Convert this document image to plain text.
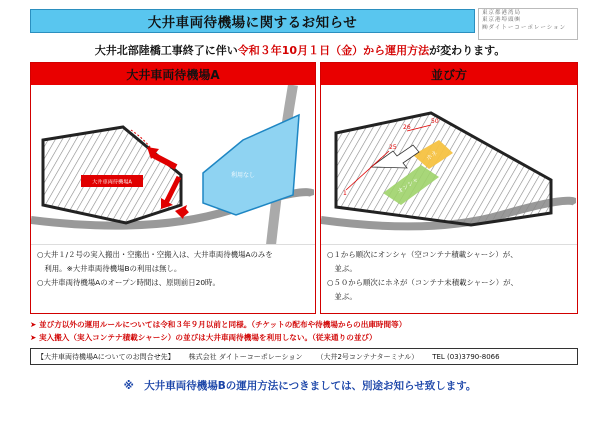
大井車両待機場に関するお知らせ
東京都港湾局
東京港埠頭㈱
㈱ダイトーコーポレーション
大井北部陸橋工事終了に伴い令和３年10月１日（金）から運用方法が変わります。
大井車両待機場A
利用なし
大井車両待機場A
○大井１/２号の実入搬出・空搬出・空搬入は、大井車両待機場Aのみを
　利用。※大井車両待機場Bの利用は無し。
○大井車両待機場Aのオープン時間は、原則前日20時。
並び方
オンシャ
ホネ
1
25
26
50
○１から順次にオンシャ（空コンテナ積載シャーシ）が、
　並ぶ。
○５０から順次にホネが（コンテナ未積載シャーシ）が、
　並ぶ。
➤ 並び方以外の運用ルールについては令和３年９月以前と同様。（チケットの配布や待機場からの出庫時間等）
➤ 実入搬入（実入コンテナ積載シャーシ）の並びは大井車両待機場を利用しない。（従来通りの並び）
【大井車両待機場Aについてのお問合せ先】 株式会社 ダイトーコーポレーション （大井2号コンテナターミナル） TEL (03)3790-8066
※　大井車両待機場Bの運用方法につきましては、別途お知らせ致します。
